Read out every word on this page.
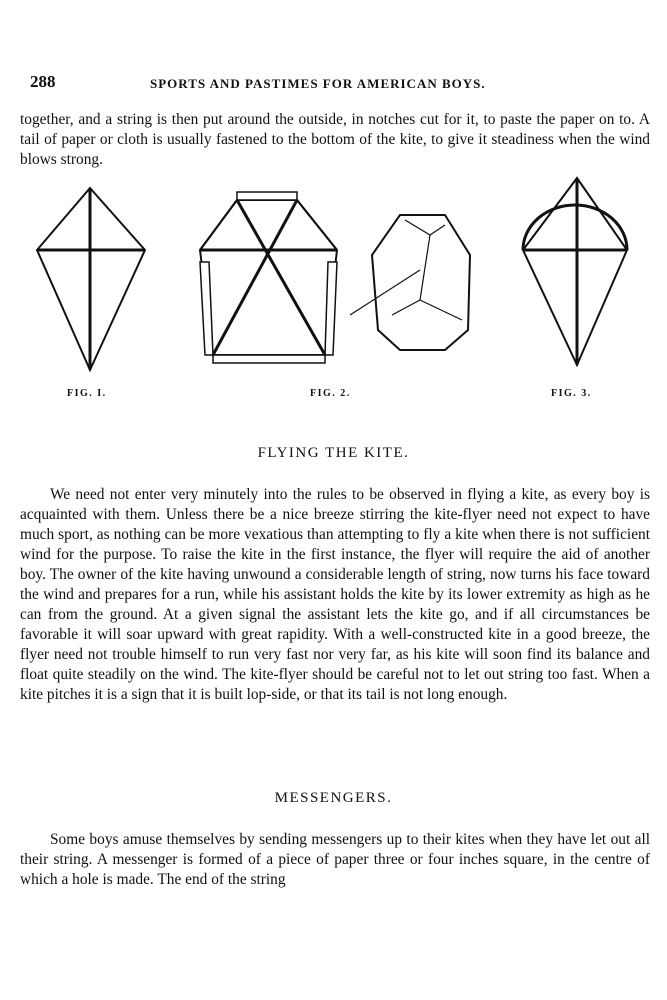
288	SPORTS AND PASTIMES FOR AMERICAN BOYS.

together, and a string is then put around the outside, in notches cut for it, to paste the paper on to. A tail of paper or cloth is usually fastened to the bottom of the kite, to give it steadiness when the wind blows strong.

FIG. I.	FIG. 2.	FIG. 3.
FLYING THE KITE.

We need not enter very minutely into the rules to be observed in flying a kite, as every boy is acquainted with them. Unless there be a nice breeze stirring the kite-flyer need not expect to have much sport, as nothing can be more vexatious than attempting to fly a kite when there is not sufficient wind for the purpose. To raise the kite in the first instance, the flyer will require the aid of another boy. The owner of the kite having unwound a considerable length of string, now turns his face toward the wind and prepares for a run, while his assistant holds the kite by its lower extremity as high as he can from the ground. At a given signal the assistant lets the kite go, and if all circumstances be favorable it will soar upward with great rapidity. With a well-constructed kite in a good breeze, the flyer need not trouble himself to run very fast nor very far, as his kite will soon find its balance and float quite steadily on the wind. The kite-flyer should be careful not to let out string too fast. When a kite pitches it is a sign that it is built lop-side, or that its tail is not long enough.

MESSENGERS.

Some boys amuse themselves by sending messengers up to their kites when they have let out all their string. A messenger is formed of a piece of paper three or four inches square, in the centre of which a hole is made. The end of the string
